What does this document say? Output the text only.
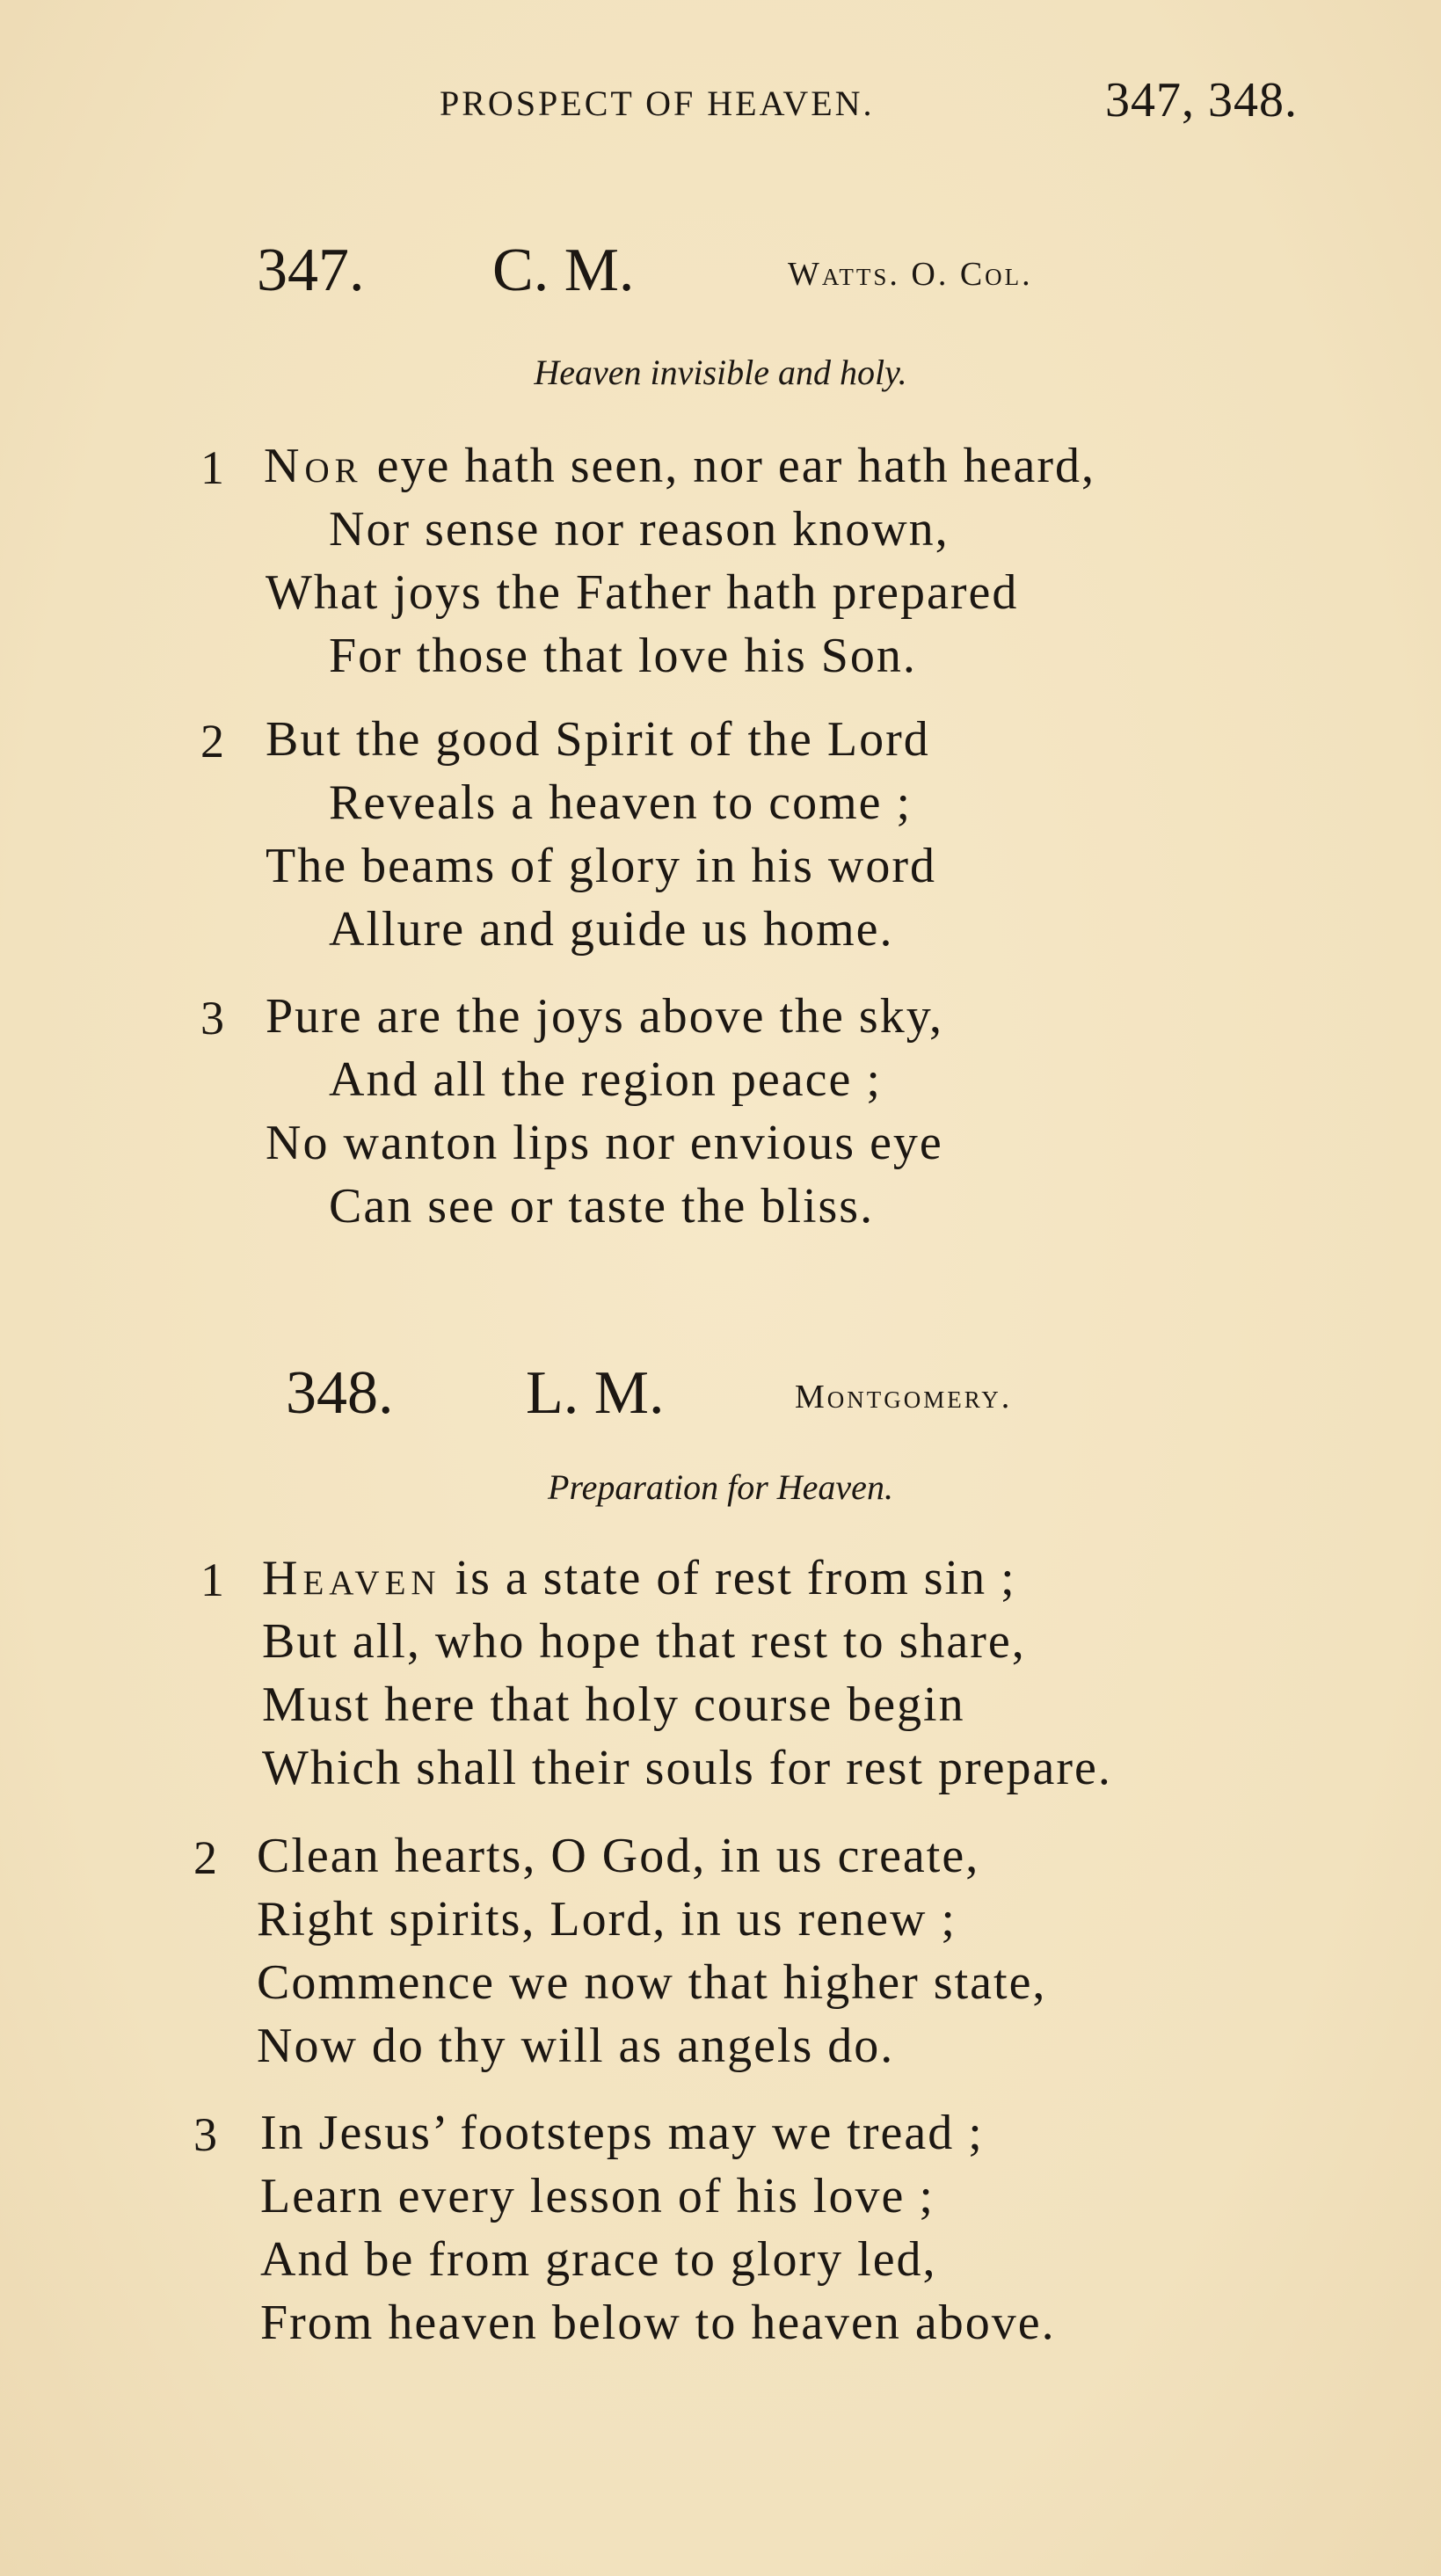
PROSPECT OF HEAVEN.	347, 348.
347. C. M.	Watts. O. Col.
Heaven invisible and holy.
1 Nor eye hath seen, nor ear hath heard,
Nor sense nor reason known,
What joys the Father hath prepared
For those that love his Son.
2 But the good Spirit of the Lord
Reveals a heaven to come ;
The beams of glory in his word
Allure and guide us home.
3 Pure are the joys above the sky,
And all the region peace ;
No wanton lips nor envious eye
Can see or taste the bliss.
348. L. M.	Montgomery.
Preparation for Heaven.
1 Heaven is a state of rest from sin ;
But all, who hope that rest to share,
Must here that holy course begin
Which shall their souls for rest prepare.
2 Clean hearts, O God, in us create,
Right spirits, Lord, in us renew ;
Commence we now that higher state,
Now do thy will as angels do.
3 In Jesus’ footsteps may we tread ;
Learn every lesson of his love ;
And be from grace to glory led,
From heaven below to heaven above.
